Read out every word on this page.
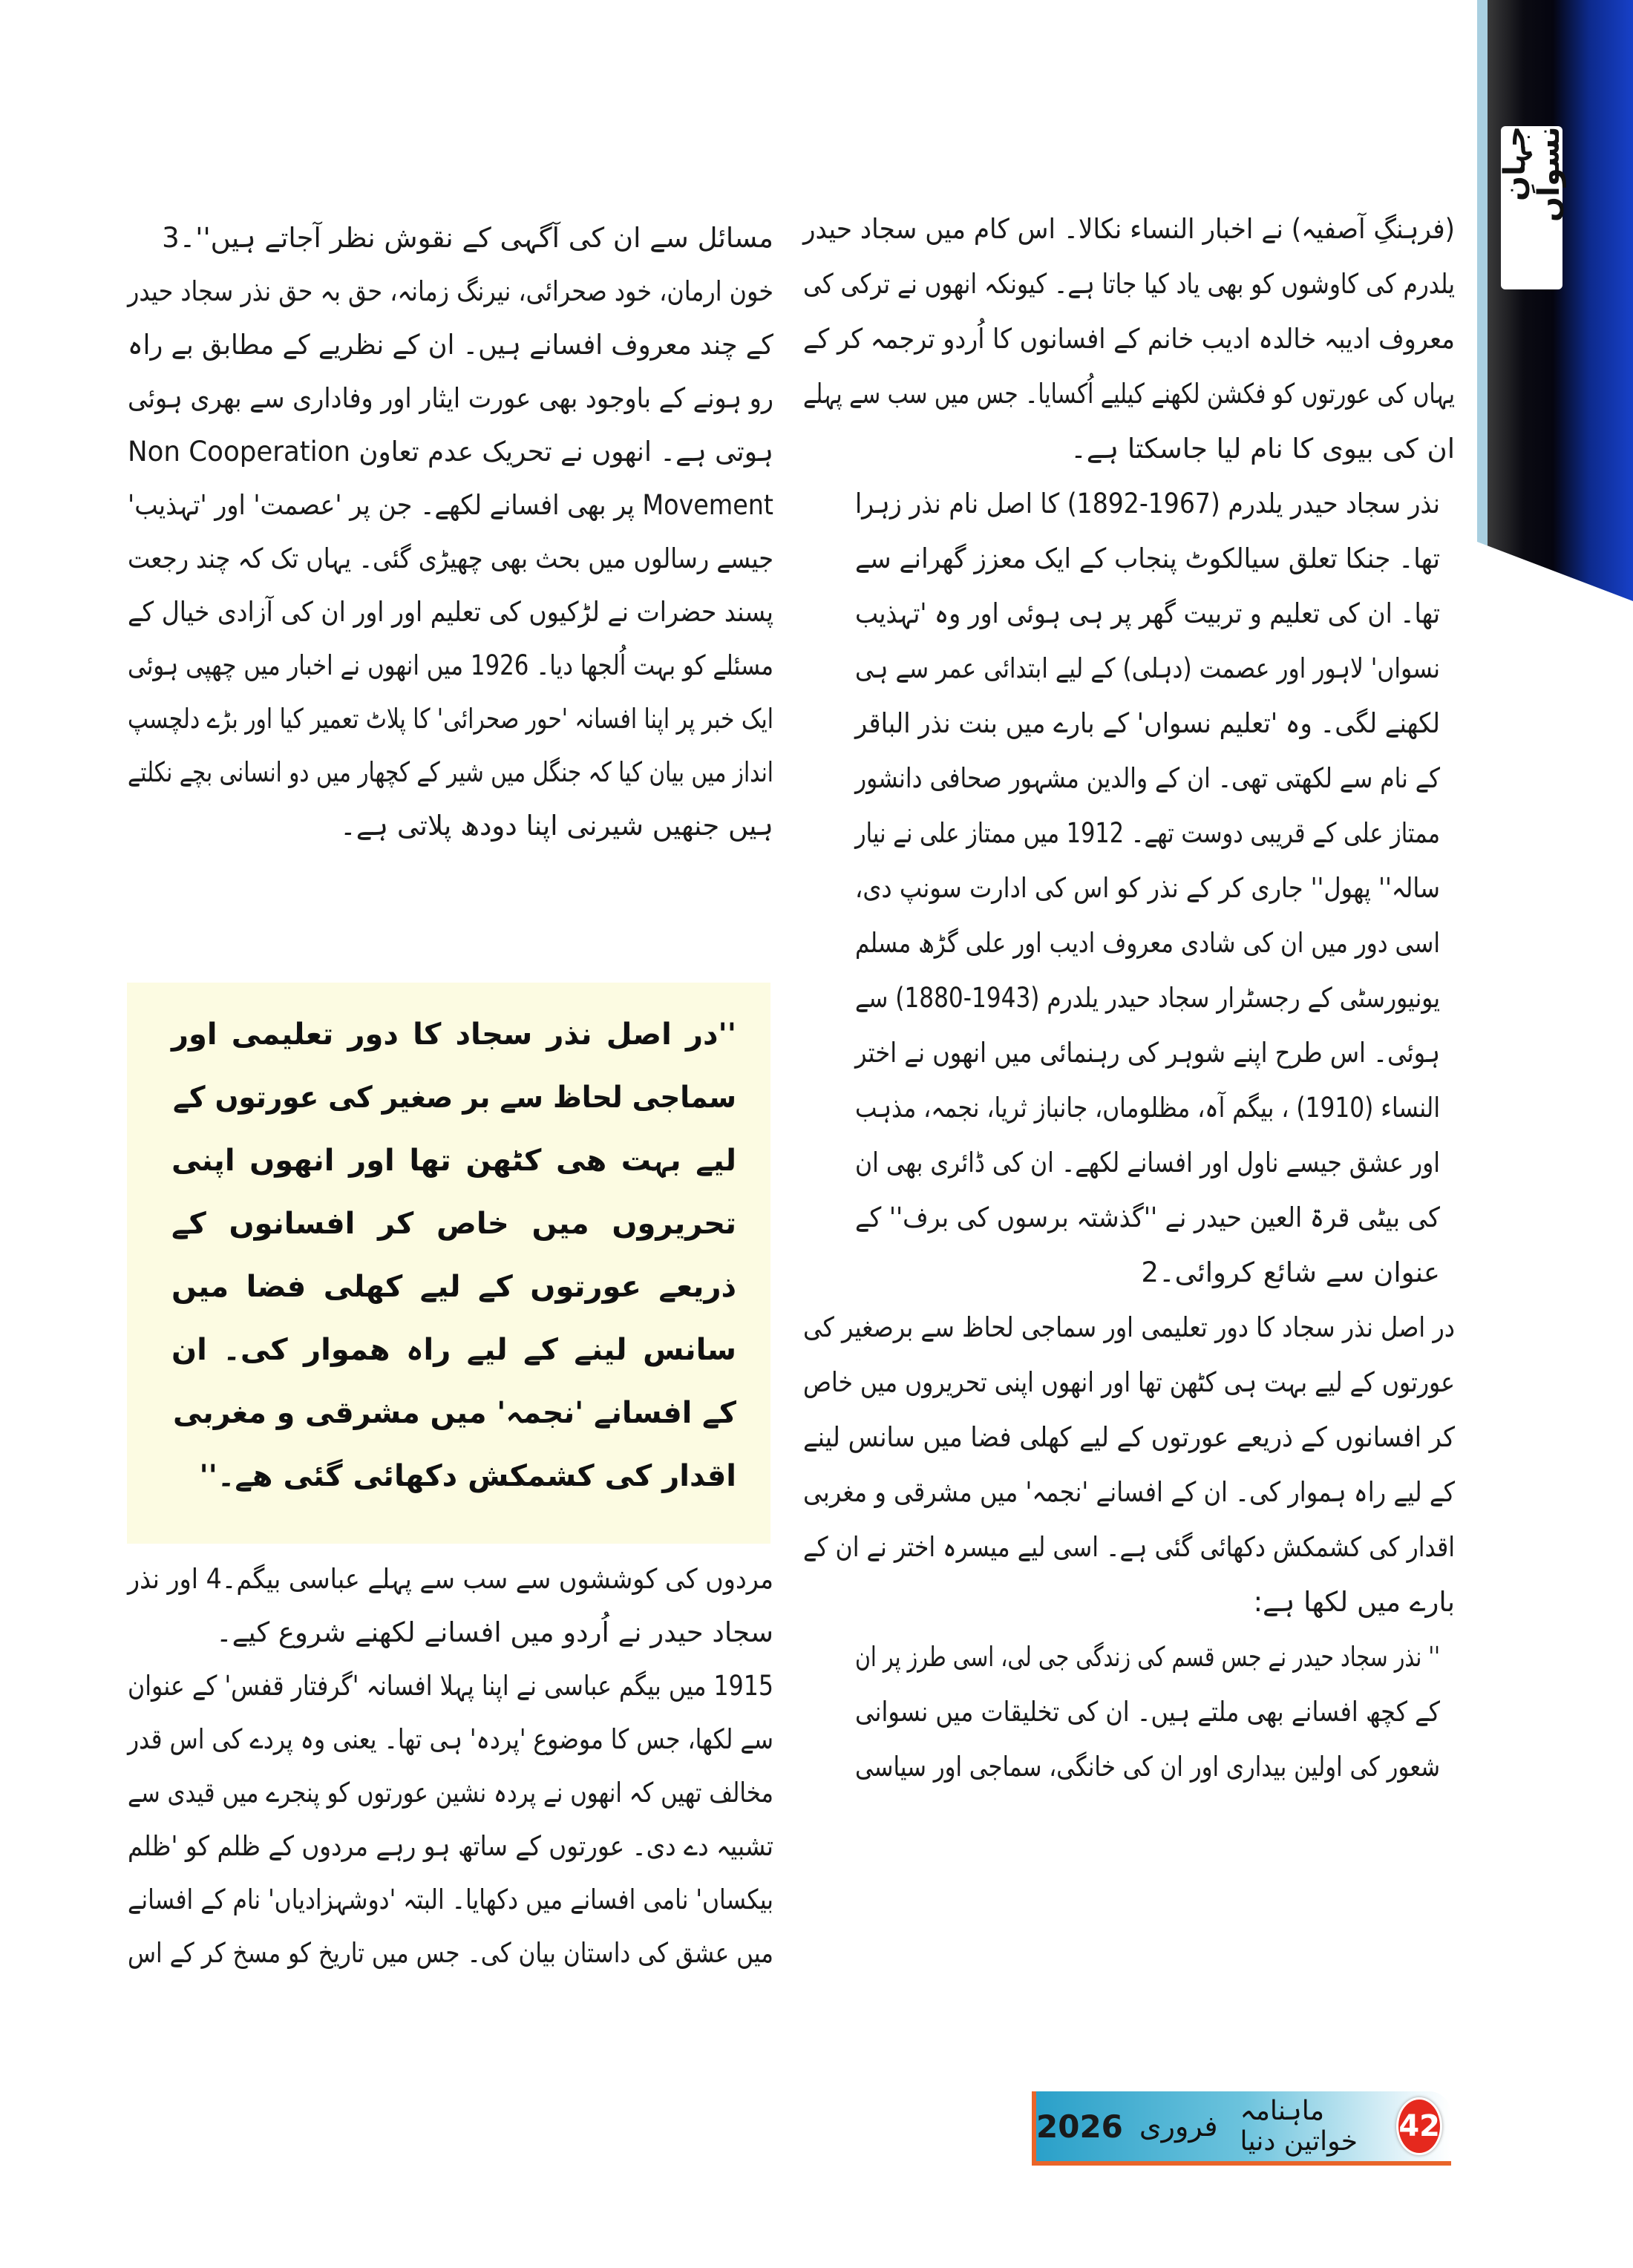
جہانِ نسواں
(فرہنگِ آصفیہ) نے اخبار النساء نکالا۔ اس کام میں سجاد حیدر
یلدرم کی کاوشوں کو بھی یاد کیا جاتا ہے۔ کیونکہ انھوں نے ترکی کی
معروف ادیبہ خالدہ ادیب خانم کے افسانوں کا اُردو ترجمہ کر کے
یہاں کی عورتوں کو فکشن لکھنے کیلیے اُکسایا۔ جس میں سب سے پہلے
ان کی بیوی کا نام لیا جاسکتا ہے۔
نذر سجاد حیدر یلدرم (1967-1892) کا اصل نام نذر زہرا
تھا۔ جنکا تعلق سیالکوٹ پنجاب کے ایک معزز گھرانے سے
تھا۔ ان کی تعلیم و تربیت گھر پر ہی ہوئی اور وہ 'تہذیب
نسواں' لاہور اور عصمت (دہلی) کے لیے ابتدائی عمر سے ہی
لکھنے لگی۔ وہ 'تعلیم نسواں' کے بارے میں بنت نذر الباقر
کے نام سے لکھتی تھی۔ ان کے والدین مشہور صحافی دانشور
ممتاز علی کے قریبی دوست تھے۔ 1912 میں ممتاز علی نے نیار
سالہ'' پھول'' جاری کر کے نذر کو اس کی ادارت سونپ دی،
اسی دور میں ان کی شادی معروف ادیب اور علی گڑھ مسلم
یونیورسٹی کے رجسٹرار سجاد حیدر یلدرم (1943-1880) سے
ہوئی۔ اس طرح اپنے شوہر کی رہنمائی میں انھوں نے اختر
النساء (1910) ، بیگم آہ، مظلوماں، جانباز ثریا، نجمہ، مذہب
اور عشق جیسے ناول اور افسانے لکھے۔ ان کی ڈائری بھی ان
کی بیٹی قرۃ العین حیدر نے ''گذشتہ برسوں کی برف'' کے
عنوان سے شائع کروائی۔2
در اصل نذر سجاد کا دور تعلیمی اور سماجی لحاظ سے برصغیر کی
عورتوں کے لیے بہت ہی کٹھن تھا اور انھوں اپنی تحریروں میں خاص
کر افسانوں کے ذریعے عورتوں کے لیے کھلی فضا میں سانس لینے
کے لیے راہ ہموار کی۔ ان کے افسانے 'نجمہ' میں مشرقی و مغربی
اقدار کی کشمکش دکھائی گئی ہے۔ اسی لیے میسرہ اختر نے ان کے
بارے میں لکھا ہے:
'' نذر سجاد حیدر نے جس قسم کی زندگی جی لی، اسی طرز پر ان
کے کچھ افسانے بھی ملتے ہیں۔ ان کی تخلیقات میں نسوانی
شعور کی اولین بیداری اور ان کی خانگی، سماجی اور سیاسی
مسائل سے ان کی آگہی کے نقوش نظر آجاتے ہیں''۔3
خون ارمان، خود صحرائی، نیرنگ زمانہ، حق بہ حق نذر سجاد حیدر
کے چند معروف افسانے ہیں۔ ان کے نظریے کے مطابق بے راہ
رو ہونے کے باوجود بھی عورت ایثار اور وفاداری سے بھری ہوئی
ہوتی ہے۔ انھوں نے تحریک عدم تعاون Non Cooperation
Movement پر بھی افسانے لکھے۔ جن پر 'عصمت' اور 'تہذیب'
جیسے رسالوں میں بحث بھی چھیڑی گئی۔ یہاں تک کہ چند رجعت
پسند حضرات نے لڑکیوں کی تعلیم اور اور ان کی آزادی خیال کے
مسئلے کو بہت اُلجھا دیا۔ 1926 میں انھوں نے اخبار میں چھپی ہوئی
ایک خبر پر اپنا افسانہ 'حور صحرائی' کا پلاٹ تعمیر کیا اور بڑے دلچسپ
انداز میں بیان کیا کہ جنگل میں شیر کے کچھار میں دو انسانی بچے نکلتے
ہیں جنھیں شیرنی اپنا دودھ پلاتی ہے۔
''در اصل نذر سجاد کا دور تعلیمی اور
سماجی لحاظ سے بر صغیر کی عورتوں کے
لیے بہت ھی کٹھن تھا اور انھوں اپنی
تحریروں میں خاص کر افسانوں کے
ذریعے عورتوں کے لیے کھلی فضا میں
سانس لینے کے لیے راہ ھموار کی۔ ان
کے افسانے 'نجمہ' میں مشرقی و مغربی
اقدار کی کشمکش دکھائی گئی ھے۔''
مردوں کی کوششوں سے سب سے پہلے عباسی بیگم۔4 اور نذر
سجاد حیدر نے اُردو میں افسانے لکھنے شروع کیے۔
1915 میں بیگم عباسی نے اپنا پہلا افسانہ 'گرفتار قفس' کے عنوان
سے لکھا، جس کا موضوع 'پردہ' ہی تھا۔ یعنی وہ پردے کی اس قدر
مخالف تھیں کہ انھوں نے پردہ نشین عورتوں کو پنجرے میں قیدی سے
تشبیہ دے دی۔ عورتوں کے ساتھ ہو رہے مردوں کے ظلم کو 'ظلم
بیکساں' نامی افسانے میں دکھایا۔ البتہ 'دوشہزادیاں' نام کے افسانے
میں عشق کی داستان بیان کی۔ جس میں تاریخ کو مسخ کر کے اس
2026 فروری ماہنامہ خواتین دنیا	42
